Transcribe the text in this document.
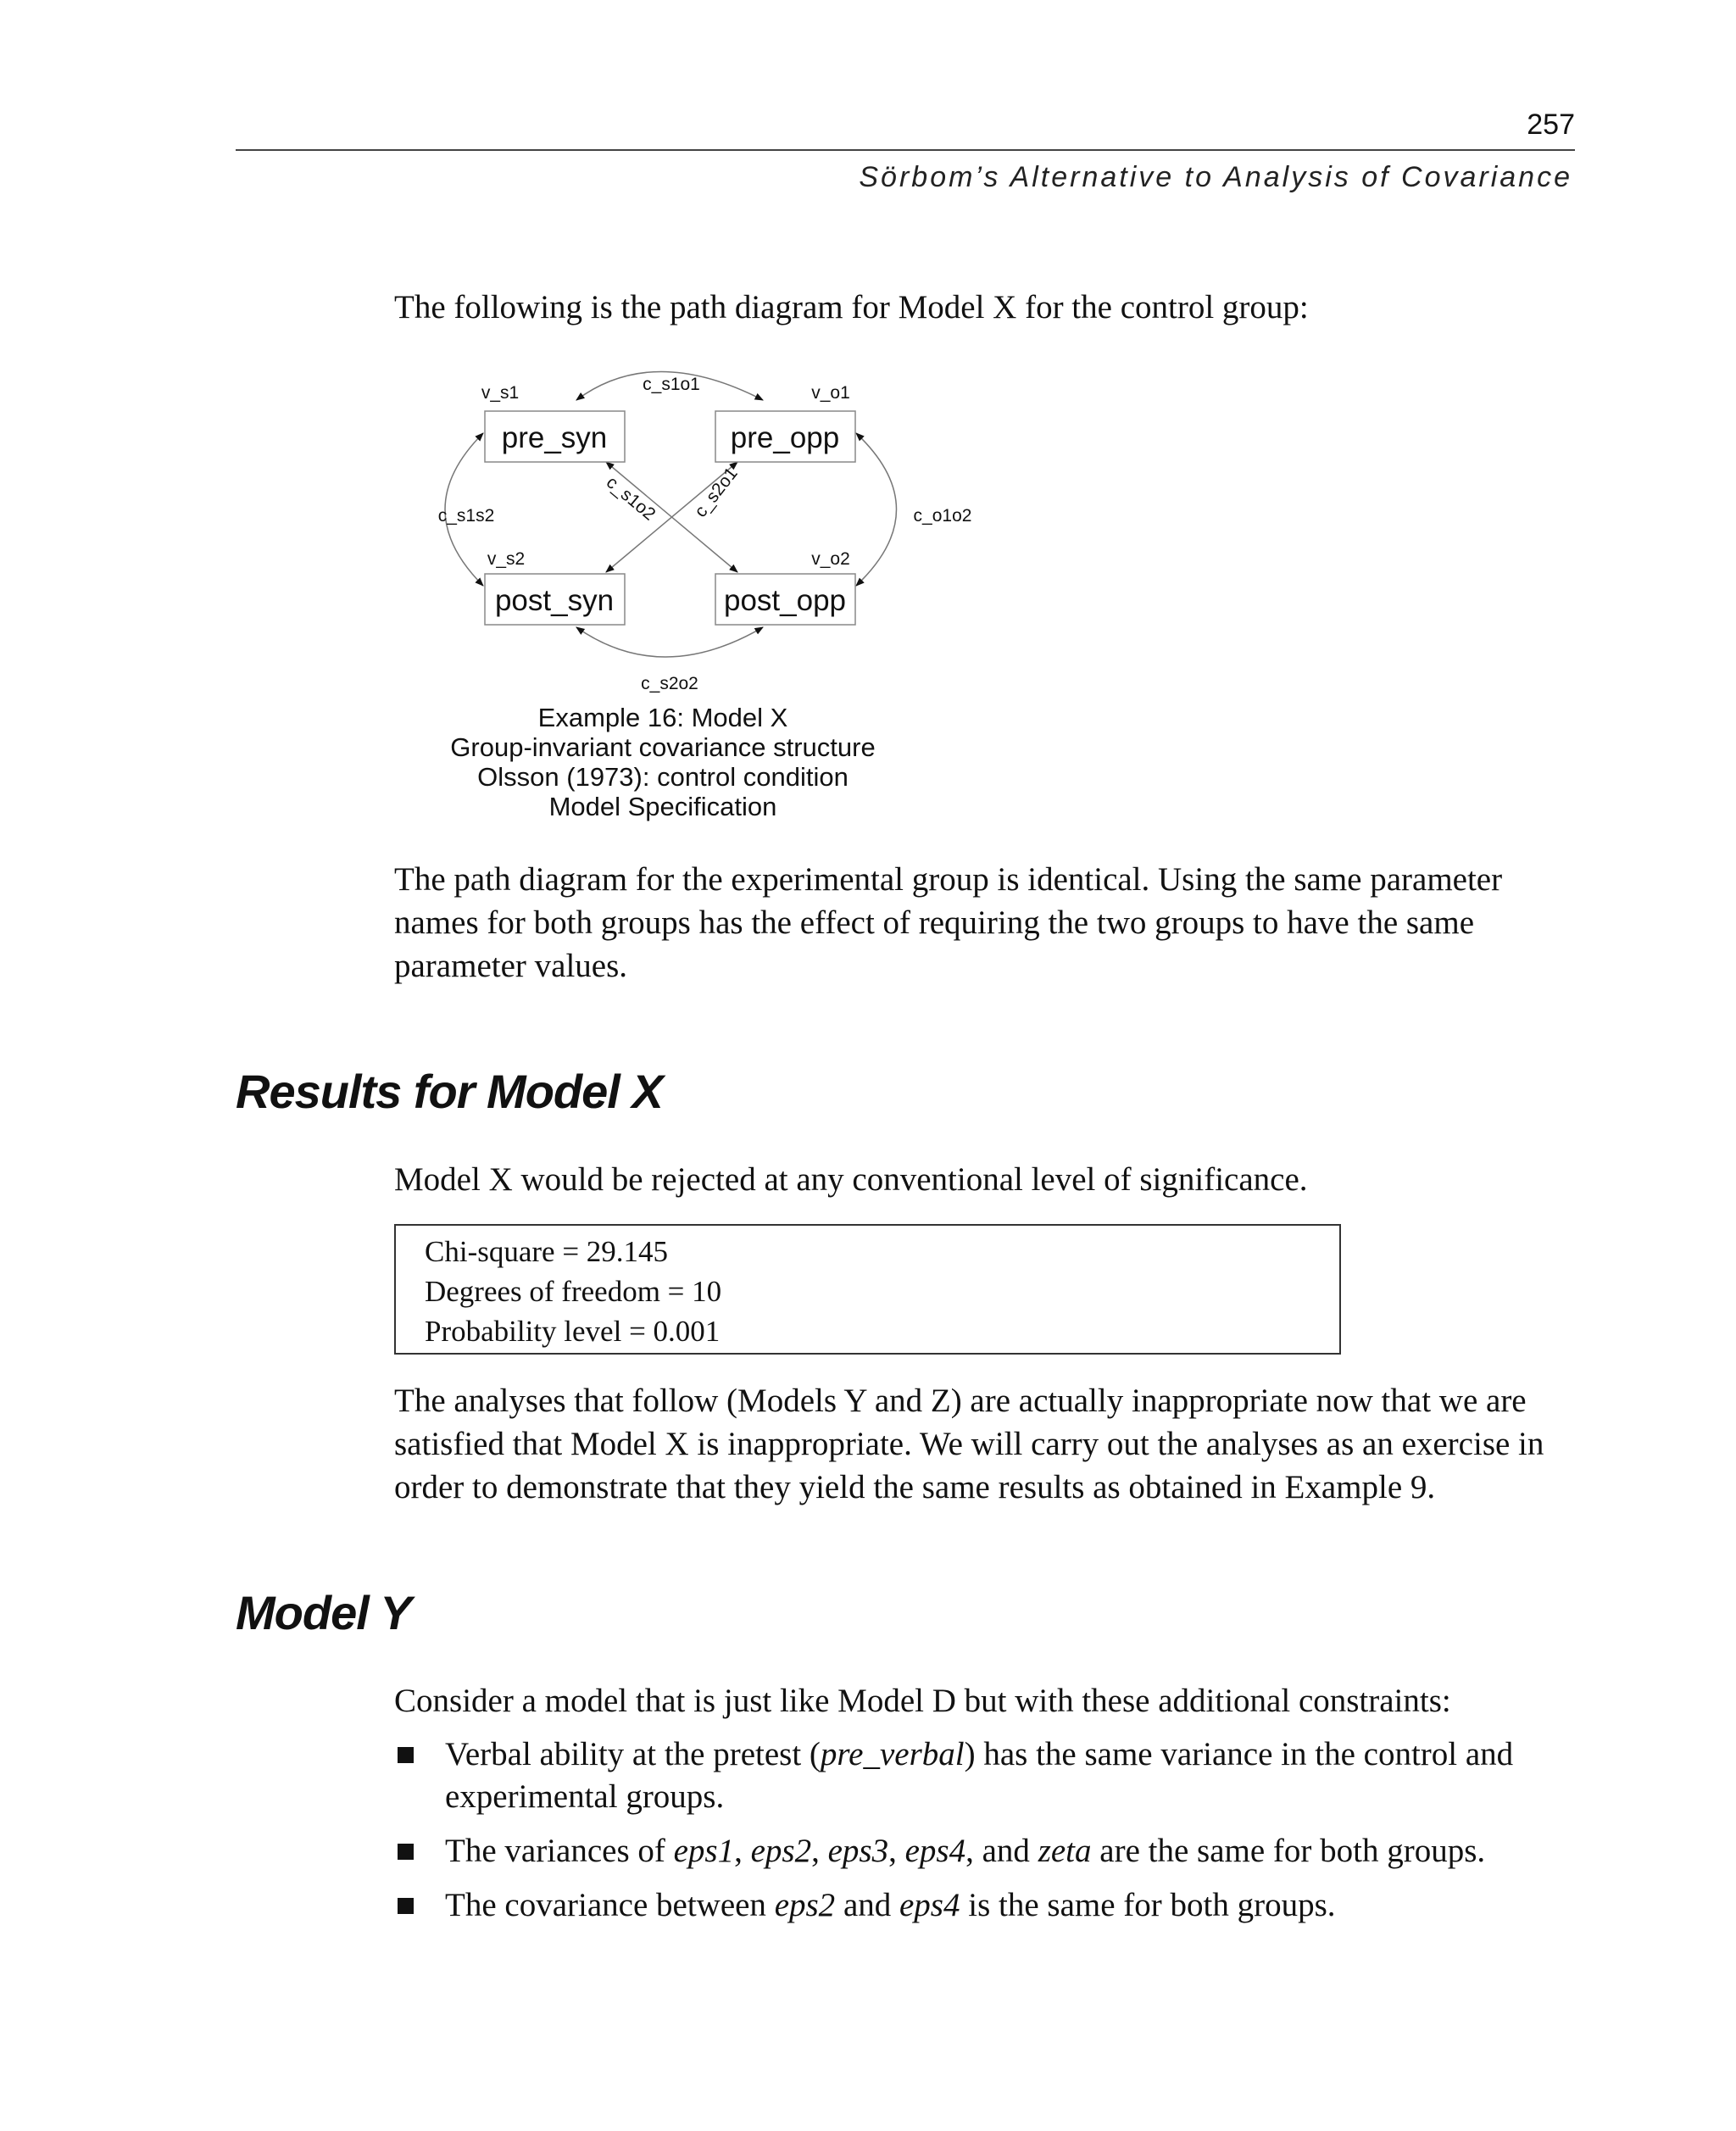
257
Sörbom’s Alternative to Analysis of Covariance

The following is the path diagram for Model X for the control group:

pre_syn	pre_opp
post_syn	post_opp
v_s1	v_o1
v_s2	v_o2
c_s1o1
c_s1s2	c_o1o2
c_s2o2
c_s1o2 c_s2o1
Example 16: Model X
Group-invariant covariance structure
Olsson (1973): control condition
Model Specification

The path diagram for the experimental group is identical. Using the same parameter names for both groups has the effect of requiring the two groups to have the same parameter values.

Results for Model X

Model X would be rejected at any conventional level of significance.

Chi-square = 29.145
Degrees of freedom = 10
Probability level = 0.001

The analyses that follow (Models Y and Z) are actually inappropriate now that we are satisfied that Model X is inappropriate. We will carry out the analyses as an exercise in order to demonstrate that they yield the same results as obtained in Example 9.

Model Y

Consider a model that is just like Model D but with these additional constraints:

Verbal ability at the pretest (pre_verbal) has the same variance in the control and experimental groups.
The variances of eps1, eps2, eps3, eps4, and zeta are the same for both groups.
The covariance between eps2 and eps4 is the same for both groups.
